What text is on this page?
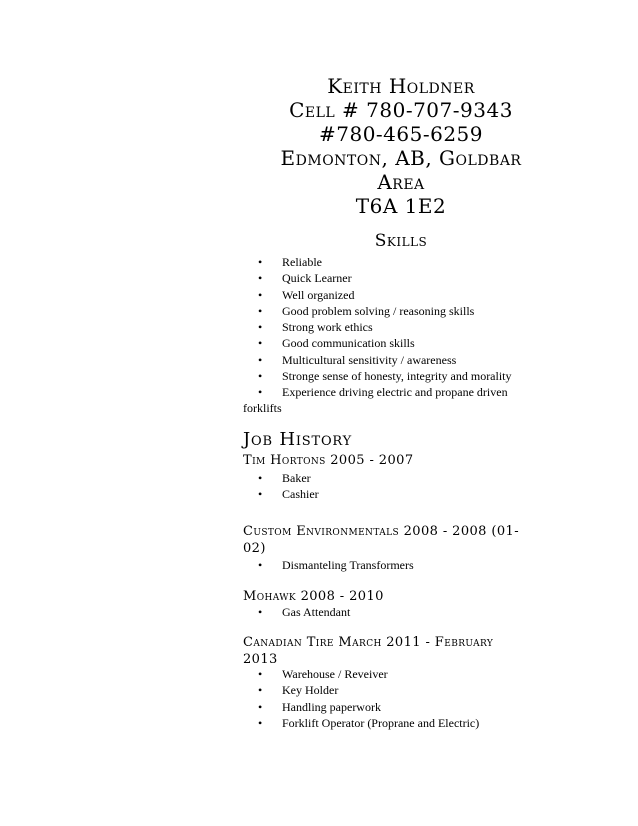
Keith Holdner
Cell # 780-707-9343
#780-465-6259
Edmonton, AB, Goldbar
Area
T6A 1E2
Skills
• Reliable
• Quick Learner
• Well organized
• Good problem solving / reasoning skills
• Strong work ethics
• Good communication skills
• Multicultural sensitivity / awareness
• Stronge sense of honesty, integrity and morality
• Experience driving electric and propane driven
forklifts
Job History
Tim Hortons 2005 - 2007
• Baker
• Cashier
Custom Environmentals 2008 - 2008 (01-
02)
• Dismanteling Transformers
Mohawk 2008 - 2010
• Gas Attendant
Canadian Tire March 2011 - February
2013
• Warehouse / Reveiver
• Key Holder
• Handling paperwork
• Forklift Operator (Proprane and Electric)
